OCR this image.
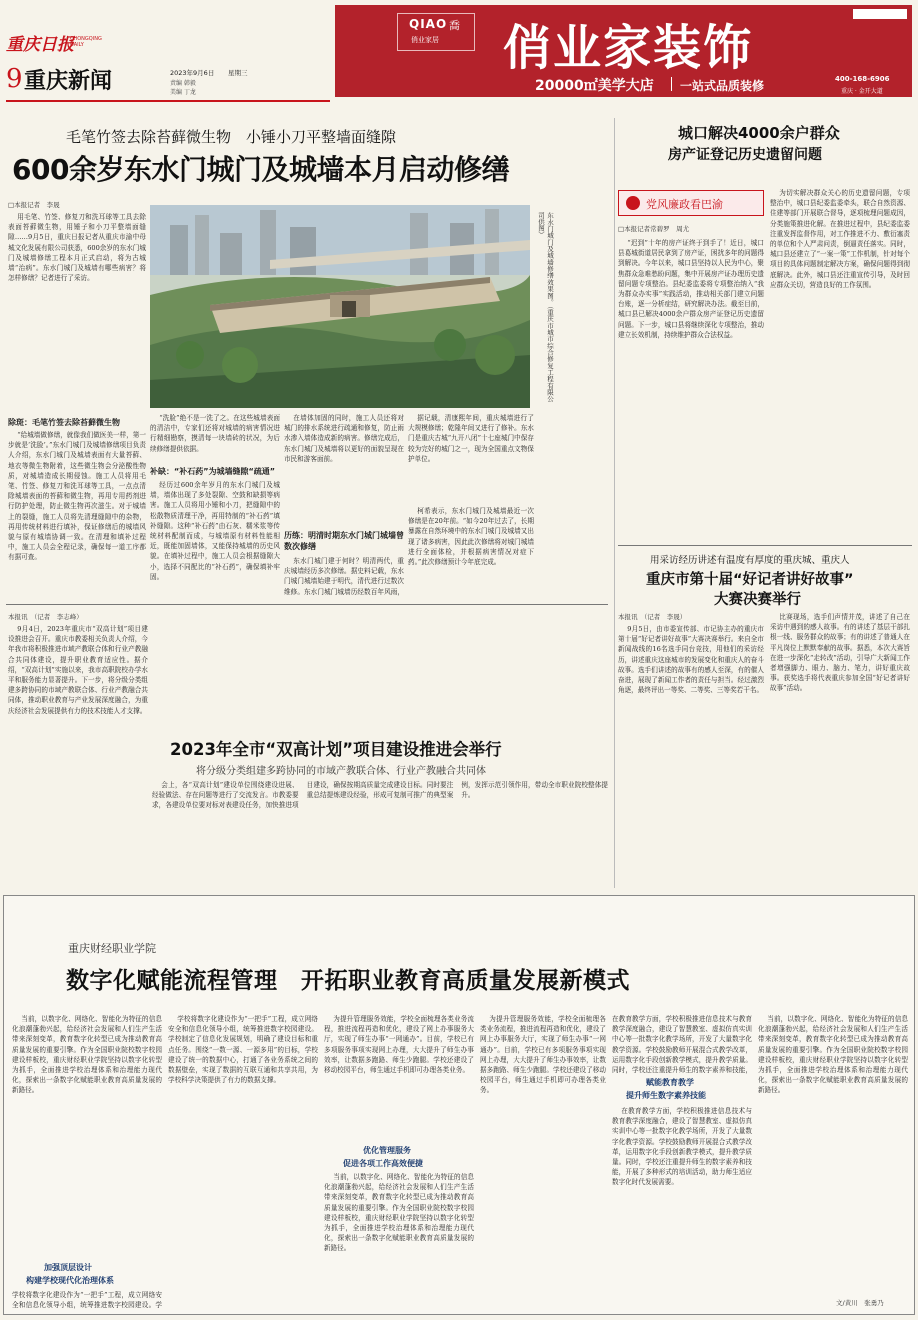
重庆日报
CHONGQING DAILY
9 重庆新闻	2023年9月6日 星期三
责编 韩毅
美编 丁龙
QIAO 喬
俏业家居 俏业家装饰
20000㎡美学大店 一站式品质装修	400-168-6906
重庆 · 金开大道
毛笔竹签去除苔藓微生物　小锤小刀平整墙面缝隙
600余岁东水门城门及城墙本月启动修缮
□本报记者　李晟
东水门城门及城墙修缮效果图。（重庆市城市综合修复工程有限公司供图）
用毛笔、竹签、修复刀和洗耳球等工具去除表面苔藓微生物，用锤子和小刀平整墙面缝隙……9月5日，重庆日报记者从重庆市渝中母城文化发展有限公司获悉，600余岁的东水门城门及城墙修缮工程本月正式启动，将为古城墙“治病”。东水门城门及城墙有哪些病害？将怎样修缮？记者进行了采访。
除斑：毛笔竹签去除苔藓微生物
“给城墙做修缮，就像我们做医美一样，第一步就是‘洗脸’。”东水门城门及城墙修缮项目负责人介绍，东水门城门及城墙表面有大量苔藓、地衣等微生物附着，这些微生物会分泌酸性物质，对城墙造成长期侵蚀。施工人员将用毛笔、竹签、修复刀和洗耳球等工具，一点点清除城墙表面的苔藓和微生物，再用专用药剂进行防护处理，防止微生物再次滋生。对于城墙上的裂缝，施工人员将先清理缝隙中的杂物，再用传统材料进行填补，保证修缮后的城墙风貌与原有城墙协调一致。在清理和填补过程中，施工人员会全程记录，确保每一道工序都有据可查。
“洗脸”绝不是一洗了之。在这些城墙表面的清洁中，专家们还将对城墙的病害情况进行精细勘察，摸清每一块墙砖的状况，为后续修缮提供依据。
补缺：“补石药”为城墙缝隙“疏通”
经历过600余年岁月的东水门城门及城墙，墙体出现了多处裂隙、空鼓和缺损等病害。施工人员将用小锤和小刀，把缝隙中的松散物质清理干净，再用特制的“补石药”填补缝隙。这种“补石药”由石灰、糯米浆等传统材料配制而成，与城墙原有材料性能相近，既能加固墙体，又能保持城墙的历史风貌。在填补过程中，施工人员会根据缝隙大小，选择不同配比的“补石药”，确保填补牢固。
在墙体加固的同时，施工人员还将对城门的排水系统进行疏通和修复，防止雨水渗入墙体造成新的病害。修缮完成后，东水门城门及城墙将以更好的面貌呈现在市民和游客面前。
历练：明清时期东水门城门城墙曾数次修缮
东水门城门建于何时？明清两代，重庆城墙经历多次修缮。据史料记载，东水门城门城墙始建于明代，清代进行过数次维修。东水门城门城墙历经数百年风雨，
据记载，清康熙年间，重庆城墙进行了大规模修缮；乾隆年间又进行了修补。东水门是重庆古城“九开八闭”十七座城门中保存较为完好的城门之一，现为全国重点文物保护单位。
柯希表示，东水门城门及城墙最近一次修缮是在20年前。“如今20年过去了，长期暴露在自然环境中的东水门城门及城墙又出现了诸多病害，因此此次修缮将对城门城墙进行全面体检，并根据病害情况对症下药。”此次修缮预计今年底完成。
城口解决4000余户群众
房产证登记历史遗留问题
党风廉政看巴渝
□本报记者常碧罗　周尤
“迟到”十年的房产证终于到手了！近日，城口县葛城街道居民拿到了房产证，困扰多年的问题得到解决。今年以来，城口县坚持以人民为中心，聚焦群众急难愁盼问题，集中开展房产证办理历史遗留问题专项整治。县纪委监委将专项整治纳入“我为群众办实事”实践活动，推动相关部门建立问题台账，逐一分析症结，研究解决办法。截至目前，城口县已解决4000余户群众房产证登记历史遗留问题。下一步，城口县将继续深化专项整治，推动建立长效机制，持续维护群众合法权益。
为切实解决群众关心的历史遗留问题，专项整治中，城口县纪委监委牵头，联合自然资源、住建等部门开展联合督导，逐项梳理问题成因，分类施策推进化解。在推进过程中，县纪委监委注重发挥监督作用，对工作推进不力、敷衍塞责的单位和个人严肃问责，倒逼责任落实。同时，城口县还建立了“一案一策”工作机制，针对每个项目的具体问题制定解决方案，确保问题得到彻底解决。此外，城口县还注重宣传引导，及时回应群众关切，营造良好的工作氛围。
用采访经历讲述有温度有厚度的重庆城、重庆人
重庆市第十届“好记者讲好故事”
大赛决赛举行
本报讯　（记者　李晟）
9月5日，由市委宣传部、市记协主办的重庆市第十届“好记者讲好故事”大赛决赛举行。来自全市新闻战线的16名选手同台竞技，用他们的采访经历，讲述重庆这座城市的发展变化和重庆人的奋斗故事。选手们讲述的故事有的感人至深，有的催人奋进，展现了新闻工作者的责任与担当。经过激烈角逐，最终评出一等奖、二等奖、三等奖若干名。
比赛现场，选手们声情并茂，讲述了自己在采访中遇到的感人故事。有的讲述了基层干部扎根一线、服务群众的故事；有的讲述了普通人在平凡岗位上默默奉献的故事。据悉，本次大赛旨在进一步深化“走转改”活动，引导广大新闻工作者增强脚力、眼力、脑力、笔力，讲好重庆故事。获奖选手将代表重庆参加全国“好记者讲好故事”活动。
本报讯　（记者　李志峰）
9月4日，2023年重庆市“双高计划”项目建设推进会召开。重庆市教委相关负责人介绍，今年我市将积极推进市域产教联合体和行业产教融合共同体建设，提升职业教育适应性。据介绍，“双高计划”实施以来，我市高职院校办学水平和服务能力显著提升。下一步，将分级分类组建多跨协同的市域产教联合体、行业产教融合共同体，推动职业教育与产业发展深度融合，为重庆经济社会发展提供有力的技术技能人才支撑。
2023年全市“双高计划”项目建设推进会举行
将分级分类组建多跨协同的市域产教联合体、行业产教融合共同体
会上，各“双高计划”建设单位围绕建设进展、经验做法、存在问题等进行了交流发言。市教委要求，各建设单位要对标对表建设任务，加快推进项目建设，确保按期高质量完成建设目标。同时要注重总结提炼建设经验，形成可复制可推广的典型案例，发挥示范引领作用，带动全市职业院校整体提升。
重庆财经职业学院
数字化赋能流程管理　开拓职业教育高质量发展新模式
当前，以数字化、网络化、智能化为特征的信息化浪潮蓬勃兴起，给经济社会发展和人们生产生活带来深刻变革，教育数字化转型已成为推动教育高质量发展的重要引擎。作为全国职业院校数字校园建设样板校，重庆财经职业学院坚持以数字化转型为抓手，全面推进学校治理体系和治理能力现代化，探索出一条数字化赋能职业教育高质量发展的新路径。
加强顶层设计
构建学校现代化治理体系
学校将数字化建设作为“一把手”工程，成立网络安全和信息化领导小组，统筹推进数字校园建设。学
学校将数字化建设作为“一把手”工程，成立网络安全和信息化领导小组，统筹推进数字校园建设。学校制定了信息化发展规划，明确了建设目标和重点任务。围绕“一数一源、一源多用”的目标，学校建设了统一的数据中心，打通了各业务系统之间的数据壁垒，实现了数据的互联互通和共享共用，为学校科学决策提供了有力的数据支撑。
为提升管理服务效能，学校全面梳理各类业务流程，推进流程再造和优化，建设了网上办事服务大厅，实现了师生办事“一网通办”。目前，学校已有多项服务事项实现网上办理，大大提升了师生办事效率，让数据多跑路、师生少跑腿。学校还建设了移动校园平台，师生通过手机即可办理各类业务。
优化管理服务
促进各项工作高效便捷
当前，以数字化、网络化、智能化为特征的信息化浪潮蓬勃兴起，给经济社会发展和人们生产生活带来深刻变革，教育数字化转型已成为推动教育高质量发展的重要引擎。作为全国职业院校数字校园建设样板校，重庆财经职业学院坚持以数字化转型为抓手，全面推进学校治理体系和治理能力现代化，探索出一条数字化赋能职业教育高质量发展的新路径。
为提升管理服务效能，学校全面梳理各类业务流程，推进流程再造和优化，建设了网上办事服务大厅，实现了师生办事“一网通办”。目前，学校已有多项服务事项实现网上办理，大大提升了师生办事效率，让数据多跑路、师生少跑腿。学校还建设了移动校园平台，师生通过手机即可办理各类业务。
在教育教学方面，学校积极推进信息技术与教育教学深度融合，建设了智慧教室、虚拟仿真实训中心等一批数字化教学场所，开发了大量数字化教学资源。学校鼓励教师开展混合式教学改革，运用数字化手段创新教学模式，提升教学质量。同时，学校还注重提升师生的数字素养和技能，
赋能教育教学
提升师生数字素养技能
在教育教学方面，学校积极推进信息技术与教育教学深度融合，建设了智慧教室、虚拟仿真实训中心等一批数字化教学场所，开发了大量数字化教学资源。学校鼓励教师开展混合式教学改革，运用数字化手段创新教学模式，提升教学质量。同时，学校还注重提升师生的数字素养和技能，开展了多种形式的培训活动，助力师生适应数字化时代发展需要。
当前，以数字化、网络化、智能化为特征的信息化浪潮蓬勃兴起，给经济社会发展和人们生产生活带来深刻变革，教育数字化转型已成为推动教育高质量发展的重要引擎。作为全国职业院校数字校园建设样板校，重庆财经职业学院坚持以数字化转型为抓手，全面推进学校治理体系和治理能力现代化，探索出一条数字化赋能职业教育高质量发展的新路径。
文/黄川　张勇乃
